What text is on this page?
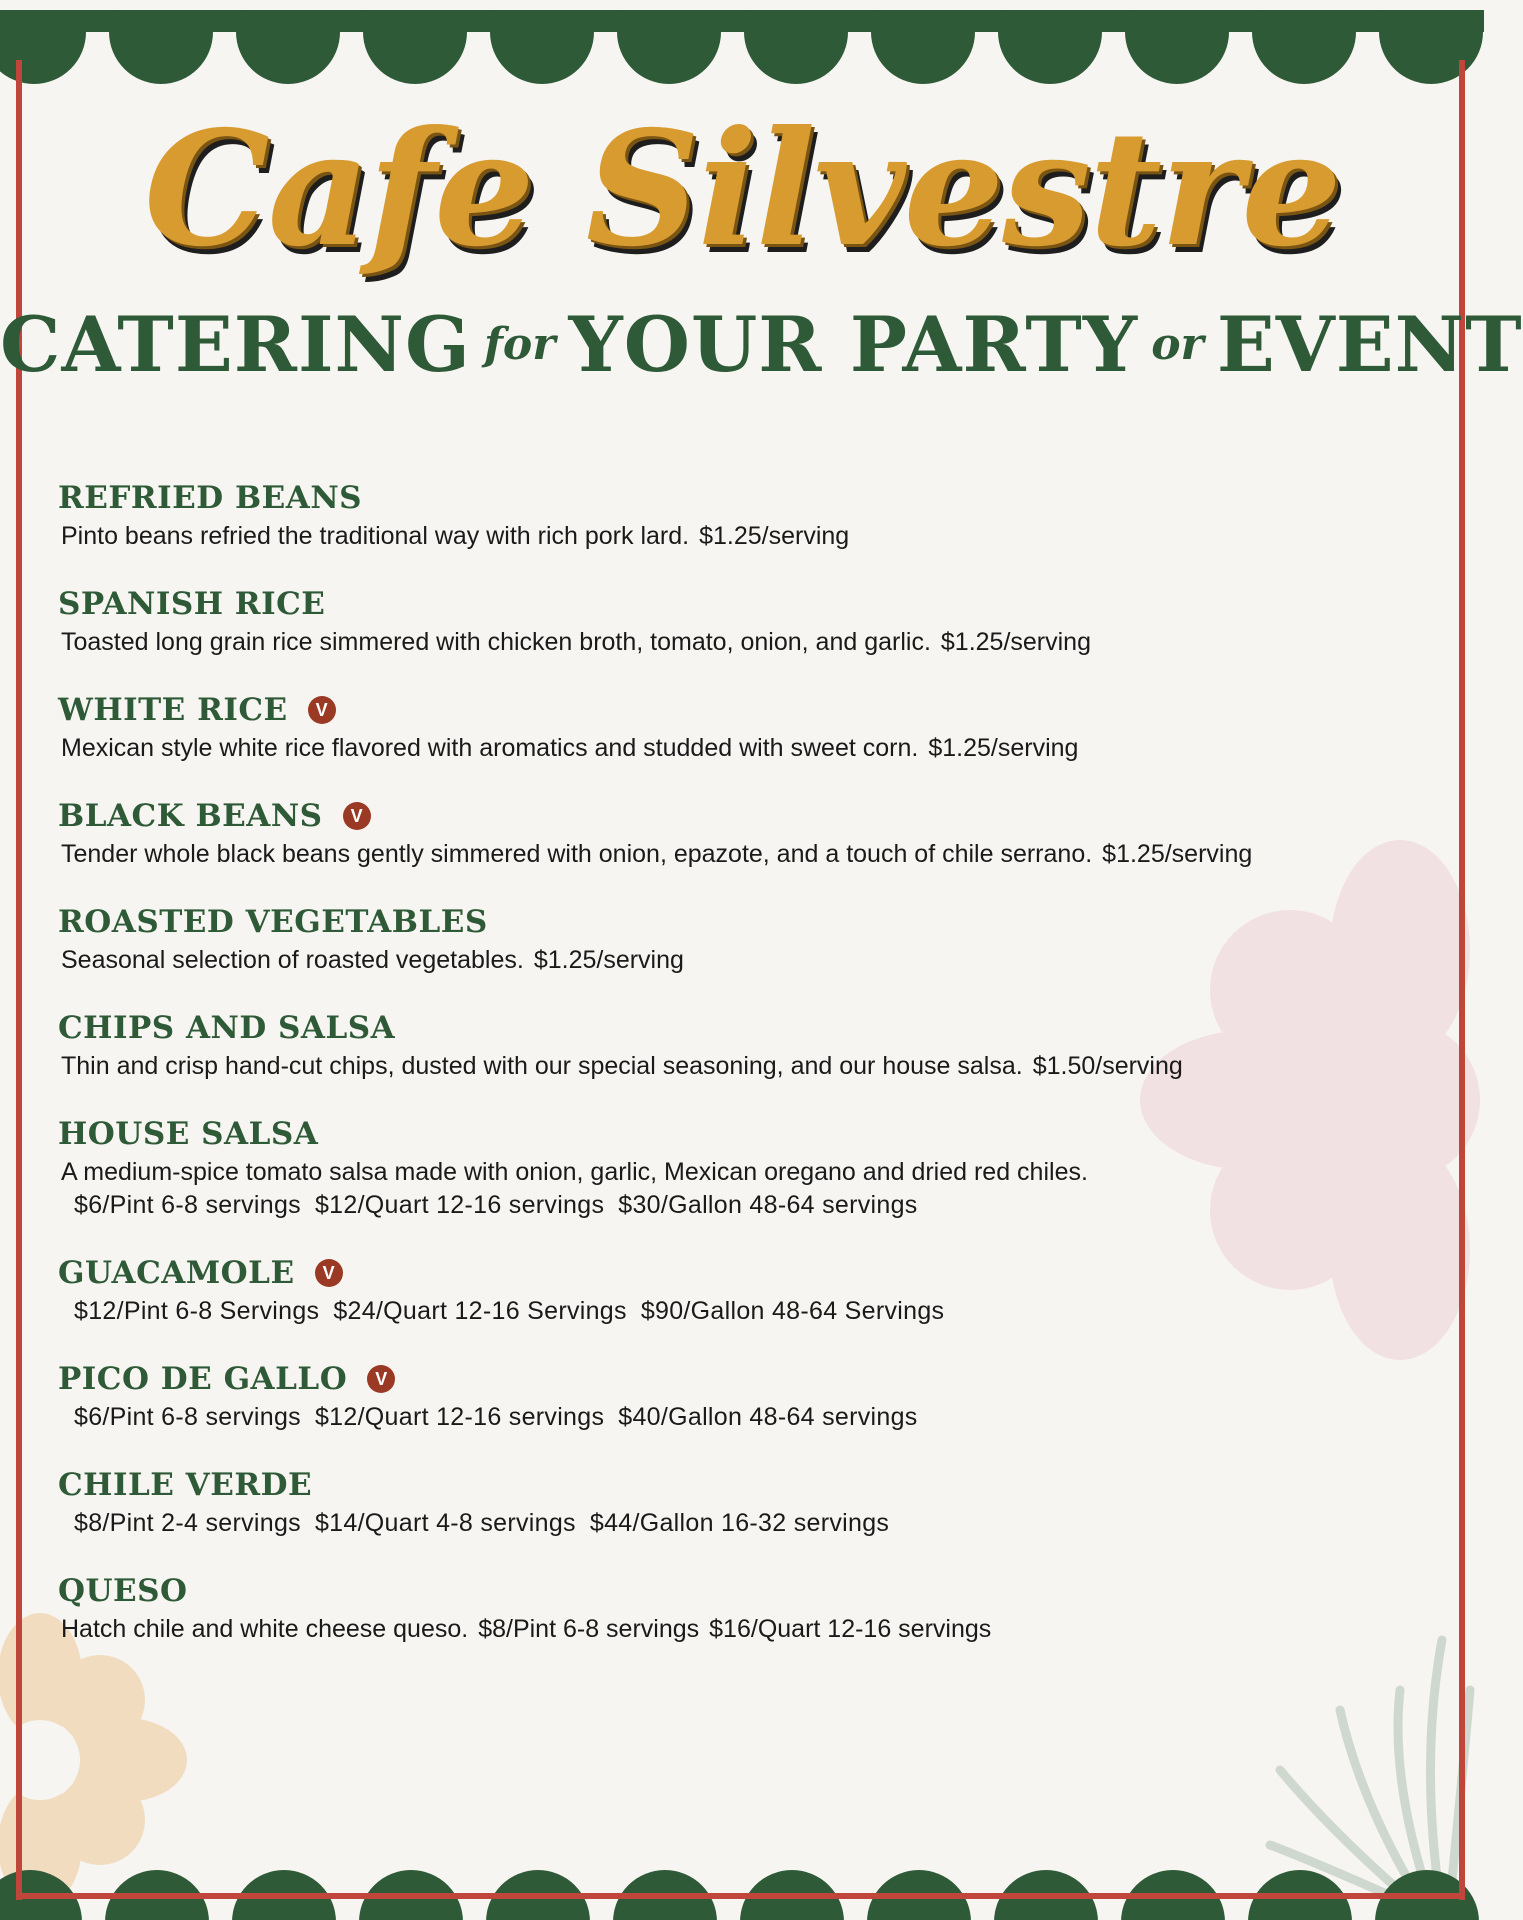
Cafe Silvestre
CATERING for YOUR PARTY or EVENT
REFRIED BEANS
Pinto beans refried the traditional way with rich pork lard. $1.25/serving
SPANISH RICE
Toasted long grain rice simmered with chicken broth, tomato, onion, and garlic. $1.25/serving
WHITE RICE V
Mexican style white rice flavored with aromatics and studded with sweet corn. $1.25/serving
BLACK BEANS V
Tender whole black beans gently simmered with onion, epazote, and a touch of chile serrano. $1.25/serving
ROASTED VEGETABLES
Seasonal selection of roasted vegetables. $1.25/serving
CHIPS AND SALSA
Thin and crisp hand-cut chips, dusted with our special seasoning, and our house salsa. $1.50/serving
HOUSE SALSA
A medium-spice tomato salsa made with onion, garlic, Mexican oregano and dried red chiles.
$6/Pint 6-8 servings $12/Quart 12-16 servings $30/Gallon 48-64 servings
GUACAMOLE V
$12/Pint 6-8 Servings $24/Quart 12-16 Servings $90/Gallon 48-64 Servings
PICO DE GALLO V
$6/Pint 6-8 servings $12/Quart 12-16 servings $40/Gallon 48-64 servings
CHILE VERDE
$8/Pint 2-4 servings $14/Quart 4-8 servings $44/Gallon 16-32 servings
QUESO
Hatch chile and white cheese queso. $8/Pint 6-8 servings $16/Quart 12-16 servings
